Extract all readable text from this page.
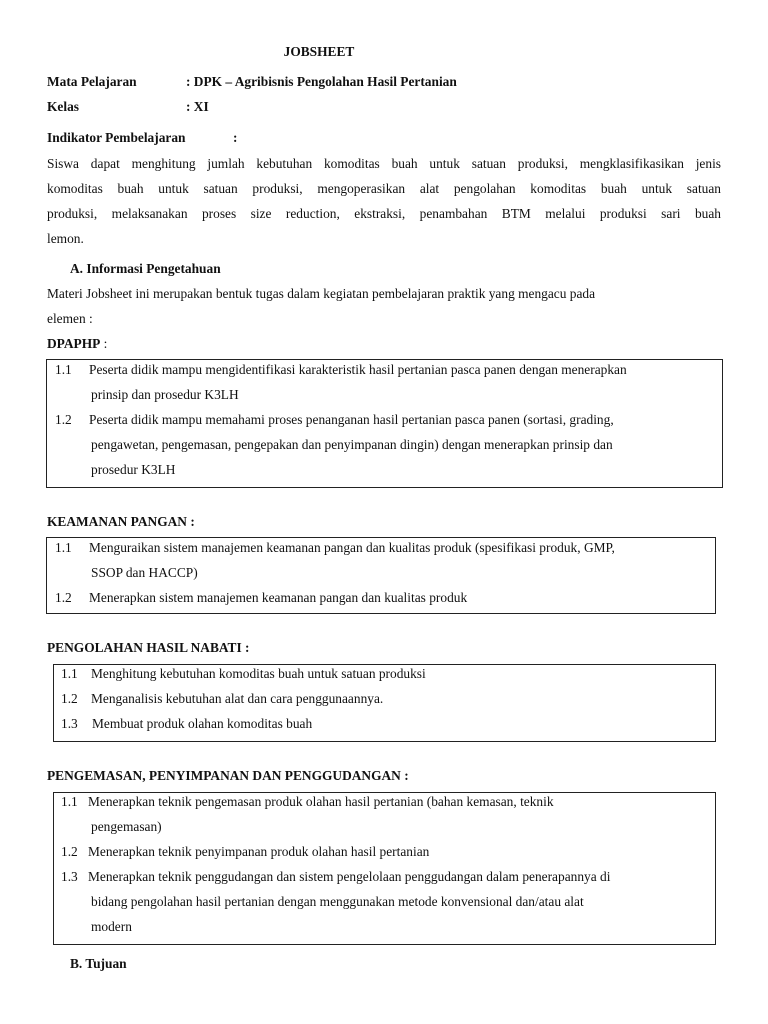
JOBSHEET
Mata Pelajaran	: DPK – Agribisnis Pengolahan Hasil Pertanian
Kelas	: XI
Indikator Pembelajaran	:
Siswa dapat menghitung jumlah kebutuhan komoditas buah untuk satuan produksi, mengklasifikasikan jenis
komoditas buah untuk satuan produksi, mengoperasikan alat pengolahan komoditas buah untuk satuan
produksi, melaksanakan proses size reduction, ekstraksi, penambahan BTM melalui produksi sari buah
lemon.
A. Informasi Pengetahuan
Materi Jobsheet ini merupakan bentuk tugas dalam kegiatan pembelajaran praktik yang mengacu pada
elemen :
DPAPHP :
1.1 Peserta didik mampu mengidentifikasi karakteristik hasil pertanian pasca panen dengan menerapkan
prinsip dan prosedur K3LH
1.2 Peserta didik mampu memahami proses penanganan hasil pertanian pasca panen (sortasi, grading,
pengawetan, pengemasan, pengepakan dan penyimpanan dingin) dengan menerapkan prinsip dan
prosedur K3LH
KEAMANAN PANGAN :
1.1 Menguraikan sistem manajemen keamanan pangan dan kualitas produk (spesifikasi produk, GMP,
SSOP dan HACCP)
1.2 Menerapkan sistem manajemen keamanan pangan dan kualitas produk
PENGOLAHAN HASIL NABATI :
1.1 Menghitung kebutuhan komoditas buah untuk satuan produksi
1.2 Menganalisis kebutuhan alat dan cara penggunaannya.
1.3 Membuat produk olahan komoditas buah
PENGEMASAN, PENYIMPANAN DAN PENGGUDANGAN :
1.1 Menerapkan teknik pengemasan produk olahan hasil pertanian (bahan kemasan, teknik
pengemasan)
1.2 Menerapkan teknik penyimpanan produk olahan hasil pertanian
1.3 Menerapkan teknik penggudangan dan sistem pengelolaan penggudangan dalam penerapannya di
bidang pengolahan hasil pertanian dengan menggunakan metode konvensional dan/atau alat
modern
B. Tujuan
